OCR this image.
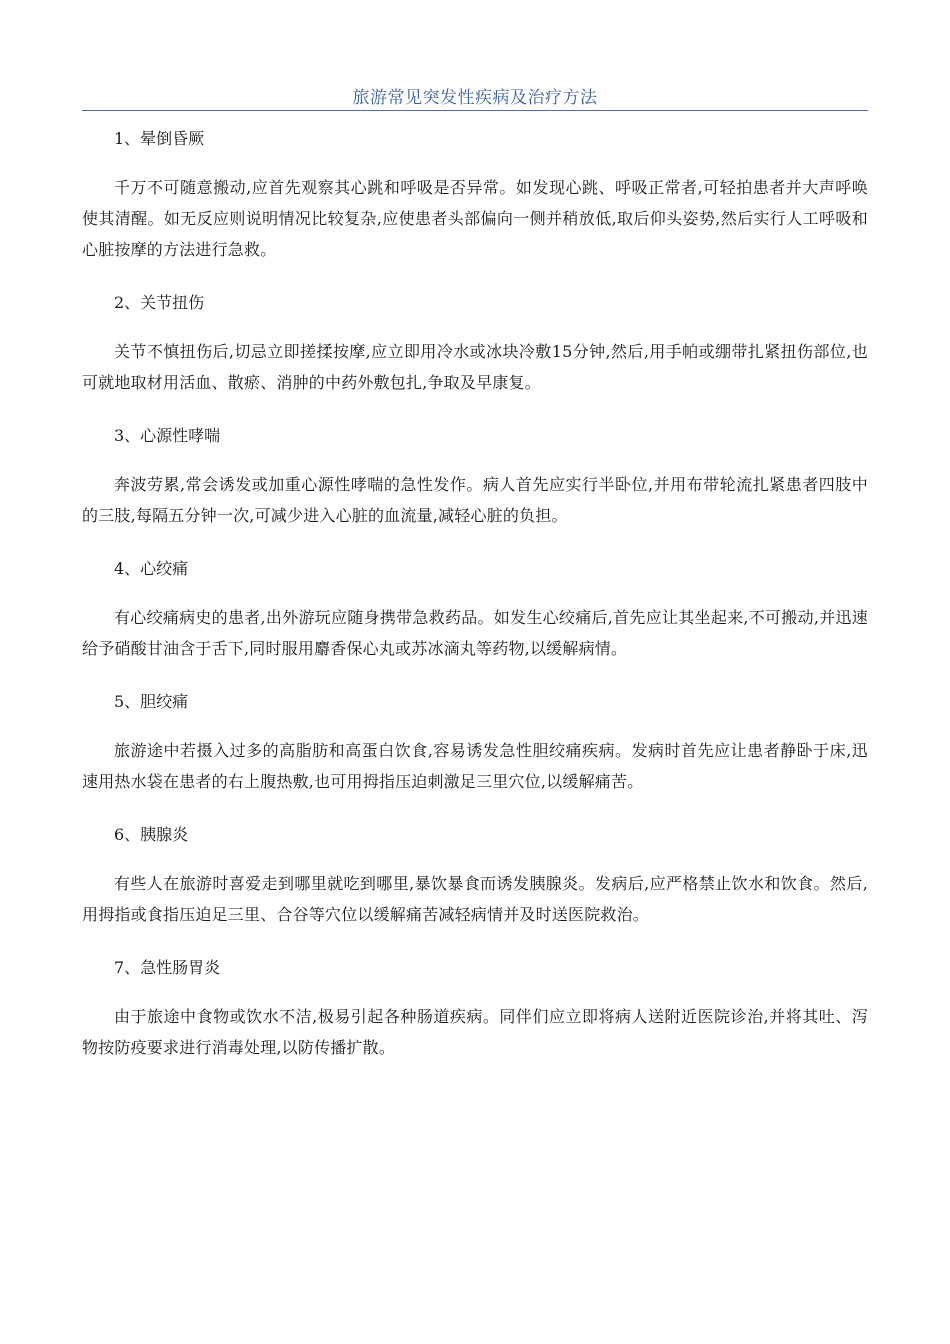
旅游常见突发性疾病及治疗方法

1、晕倒昏厥

千万不可随意搬动,应首先观察其心跳和呼吸是否异常。如发现心跳、呼吸正常者,可轻拍患者并大声呼唤使其清醒。如无反应则说明情况比较复杂,应使患者头部偏向一侧并稍放低,取后仰头姿势,然后实行人工呼吸和心脏按摩的方法进行急救。

2、关节扭伤

关节不慎扭伤后,切忌立即搓揉按摩,应立即用冷水或冰块冷敷15分钟,然后,用手帕或绷带扎紧扭伤部位,也可就地取材用活血、散瘀、消肿的中药外敷包扎,争取及早康复。

3、心源性哮喘

奔波劳累,常会诱发或加重心源性哮喘的急性发作。病人首先应实行半卧位,并用布带轮流扎紧患者四肢中的三肢,每隔五分钟一次,可减少进入心脏的血流量,减轻心脏的负担。

4、心绞痛

有心绞痛病史的患者,出外游玩应随身携带急救药品。如发生心绞痛后,首先应让其坐起来,不可搬动,并迅速给予硝酸甘油含于舌下,同时服用麝香保心丸或苏冰滴丸等药物,以缓解病情。

5、胆绞痛

旅游途中若摄入过多的高脂肪和高蛋白饮食,容易诱发急性胆绞痛疾病。发病时首先应让患者静卧于床,迅速用热水袋在患者的右上腹热敷,也可用拇指压迫刺激足三里穴位,以缓解痛苦。

6、胰腺炎

有些人在旅游时喜爱走到哪里就吃到哪里,暴饮暴食而诱发胰腺炎。发病后,应严格禁止饮水和饮食。然后,用拇指或食指压迫足三里、合谷等穴位以缓解痛苦减轻病情并及时送医院救治。

7、急性肠胃炎

由于旅途中食物或饮水不洁,极易引起各种肠道疾病。同伴们应立即将病人送附近医院诊治,并将其吐、泻物按防疫要求进行消毒处理,以防传播扩散。
